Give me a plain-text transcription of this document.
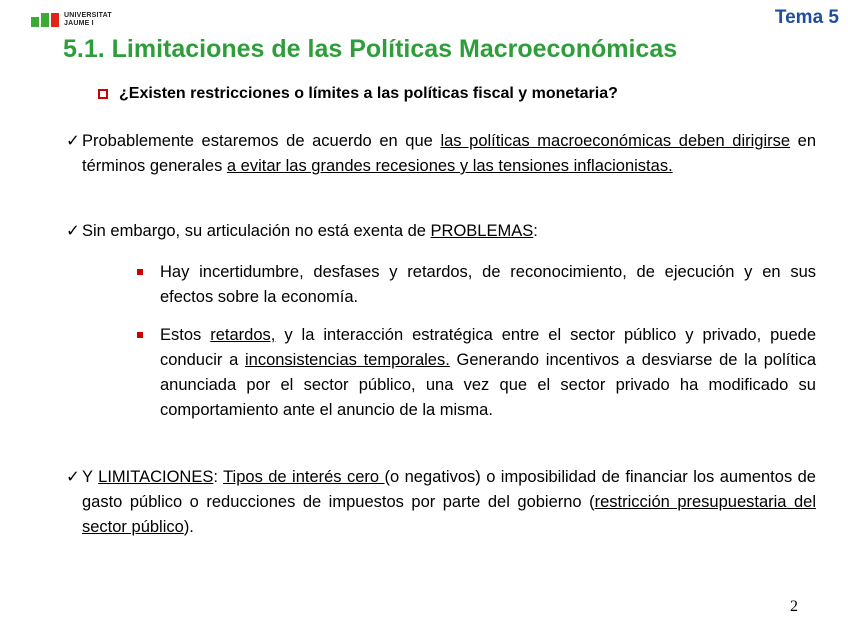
UNIVERSITAT
JAUME I	Tema 5
5.1. Limitaciones de las Políticas Macroeconómicas
¿Existen restricciones o límites a las políticas fiscal y monetaria?
✓ Probablemente estaremos de acuerdo en que las políticas macroeconómicas deben dirigirse en términos generales a evitar las grandes recesiones y las tensiones inflacionistas.
✓ Sin embargo, su articulación no está exenta de PROBLEMAS:
Hay incertidumbre, desfases y retardos, de reconocimiento, de ejecución y en sus efectos sobre la economía.
Estos retardos, y la interacción estratégica entre el sector público y privado, puede conducir a inconsistencias temporales. Generando incentivos a desviarse de la política anunciada por el sector público, una vez que el sector privado ha modificado su comportamiento ante el anuncio de la misma.
✓ Y LIMITACIONES: Tipos de interés cero (o negativos) o imposibilidad de financiar los aumentos de gasto público o reducciones de impuestos por parte del gobierno (restricción presupuestaria del sector público).
2
